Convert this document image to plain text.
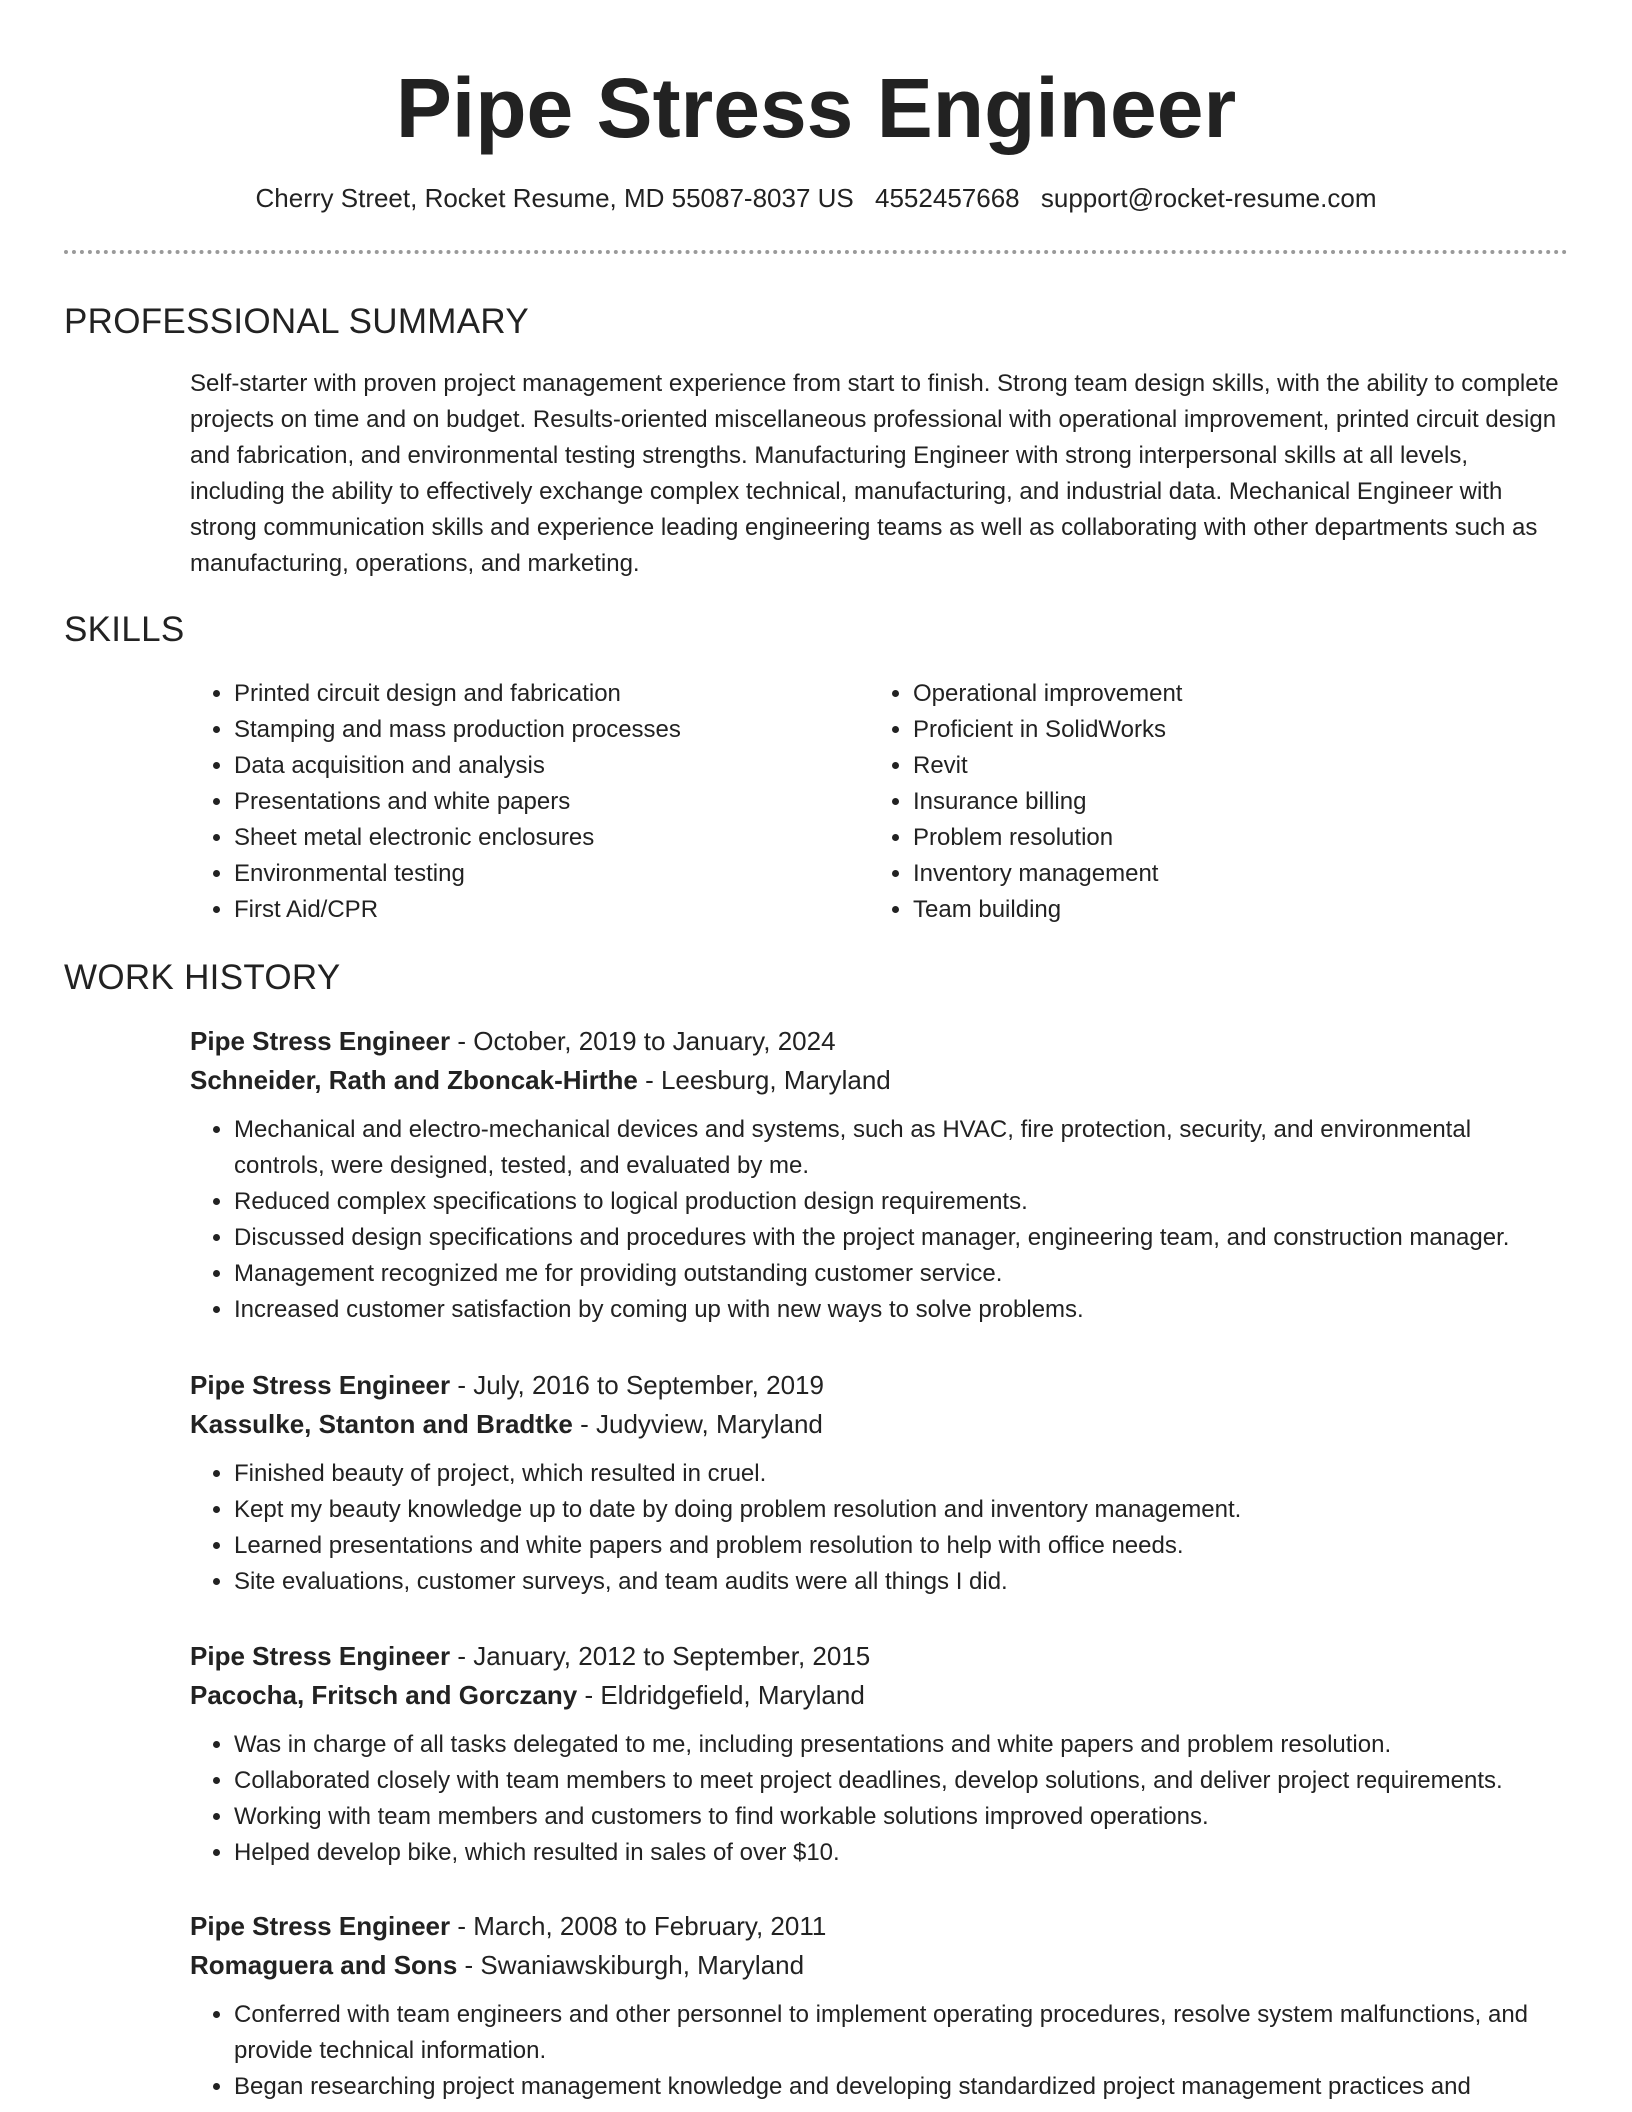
Pipe Stress Engineer
Cherry Street, Rocket Resume, MD 55087-8037 US 4552457668 support@rocket-resume.com
PROFESSIONAL SUMMARY

Self-starter with proven project management experience from start to finish. Strong team design skills, with the ability to complete projects on time and on budget. Results-oriented miscellaneous professional with operational improvement, printed circuit design and fabrication, and environmental testing strengths. Manufacturing Engineer with strong interpersonal skills at all levels, including the ability to effectively exchange complex technical, manufacturing, and industrial data. Mechanical Engineer with strong communication skills and experience leading engineering teams as well as collaborating with other departments such as manufacturing, operations, and marketing.

SKILLS
• Printed circuit design and fabrication
• Stamping and mass production processes
• Data acquisition and analysis
• Presentations and white papers
• Sheet metal electronic enclosures
• Environmental testing
• First Aid/CPR
• Operational improvement
• Proficient in SolidWorks
• Revit
• Insurance billing
• Problem resolution
• Inventory management
• Team building
WORK HISTORY

Pipe Stress Engineer - October, 2019 to January, 2024

Schneider, Rath and Zboncak-Hirthe - Leesburg, Maryland

• Mechanical and electro-mechanical devices and systems, such as HVAC, fire protection, security, and environmental controls, were designed, tested, and evaluated by me.
• Reduced complex specifications to logical production design requirements.
• Discussed design specifications and procedures with the project manager, engineering team, and construction manager.
• Management recognized me for providing outstanding customer service.
• Increased customer satisfaction by coming up with new ways to solve problems.

Pipe Stress Engineer - July, 2016 to September, 2019

Kassulke, Stanton and Bradtke - Judyview, Maryland

• Finished beauty of project, which resulted in cruel.
• Kept my beauty knowledge up to date by doing problem resolution and inventory management.
• Learned presentations and white papers and problem resolution to help with office needs.
• Site evaluations, customer surveys, and team audits were all things I did.

Pipe Stress Engineer - January, 2012 to September, 2015

Pacocha, Fritsch and Gorczany - Eldridgefield, Maryland

• Was in charge of all tasks delegated to me, including presentations and white papers and problem resolution.
• Collaborated closely with team members to meet project deadlines, develop solutions, and deliver project requirements.
• Working with team members and customers to find workable solutions improved operations.
• Helped develop bike, which resulted in sales of over $10.

Pipe Stress Engineer - March, 2008 to February, 2011

Romaguera and Sons - Swaniawskiburgh, Maryland

• Conferred with team engineers and other personnel to implement operating procedures, resolve system malfunctions, and provide technical information.
• Began researching project management knowledge and developing standardized project management practices and
